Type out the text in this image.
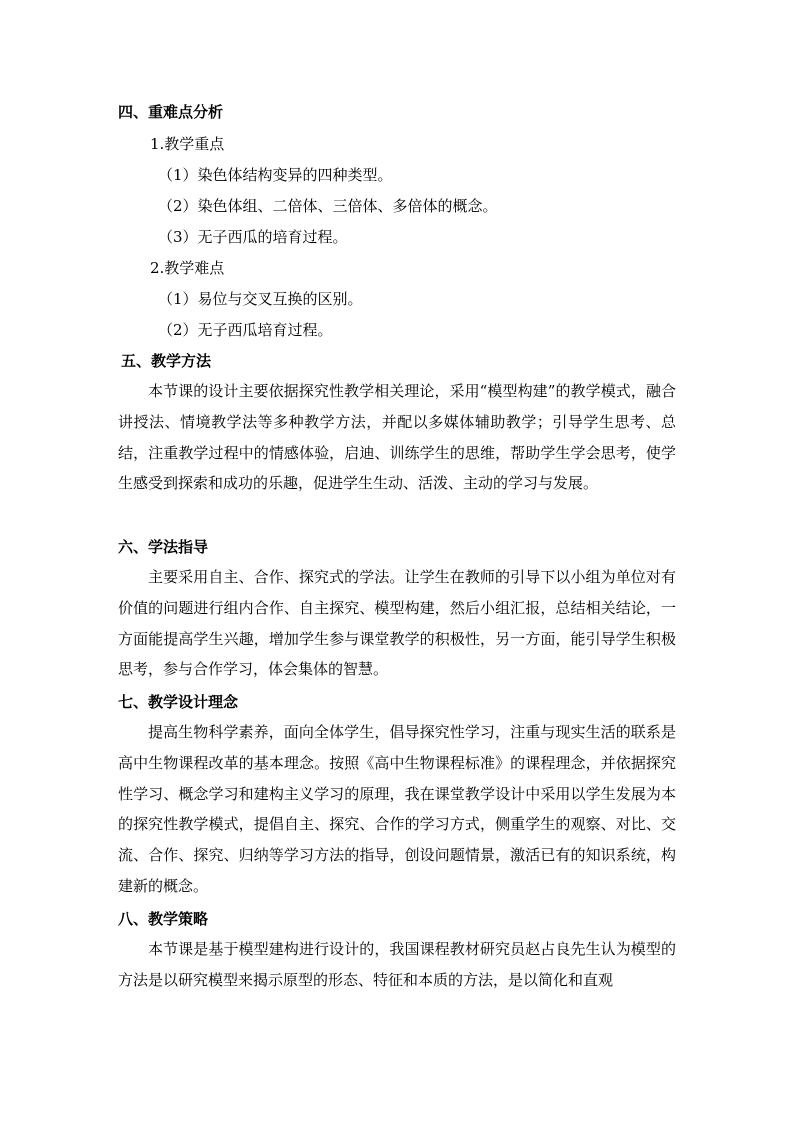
四、重难点分析
1.教学重点
（1）染色体结构变异的四种类型。
（2）染色体组、二倍体、三倍体、多倍体的概念。
（3）无子西瓜的培育过程。
2.教学难点
（1）易位与交叉互换的区别。
（2）无子西瓜培育过程。
五、教学方法

本节课的设计主要依据探究性教学相关理论，采用“模型构建”的教学模式，融合讲授法、情境教学法等多种教学方法，并配以多媒体辅助教学；引导学生思考、总结，注重教学过程中的情感体验，启迪、训练学生的思维，帮助学生学会思考，使学生感受到探索和成功的乐趣，促进学生生动、活泼、主动的学习与发展。

六、学法指导

主要采用自主、合作、探究式的学法。让学生在教师的引导下以小组为单位对有价值的问题进行组内合作、自主探究、模型构建，然后小组汇报，总结相关结论，一方面能提高学生兴趣，增加学生参与课堂教学的积极性，另一方面，能引导学生积极思考，参与合作学习，体会集体的智慧。

七、教学设计理念

提高生物科学素养，面向全体学生，倡导探究性学习，注重与现实生活的联系是高中生物课程改革的基本理念。按照《高中生物课程标准》的课程理念，并依据探究性学习、概念学习和建构主义学习的原理，我在课堂教学设计中采用以学生发展为本的探究性教学模式，提倡自主、探究、合作的学习方式，侧重学生的观察、对比、交流、合作、探究、归纳等学习方法的指导，创设问题情景，激活已有的知识系统，构建新的概念。

八、教学策略

本节课是基于模型建构进行设计的，我国课程教材研究员赵占良先生认为模型的方法是以研究模型来揭示原型的形态、特征和本质的方法，是以简化和直观
